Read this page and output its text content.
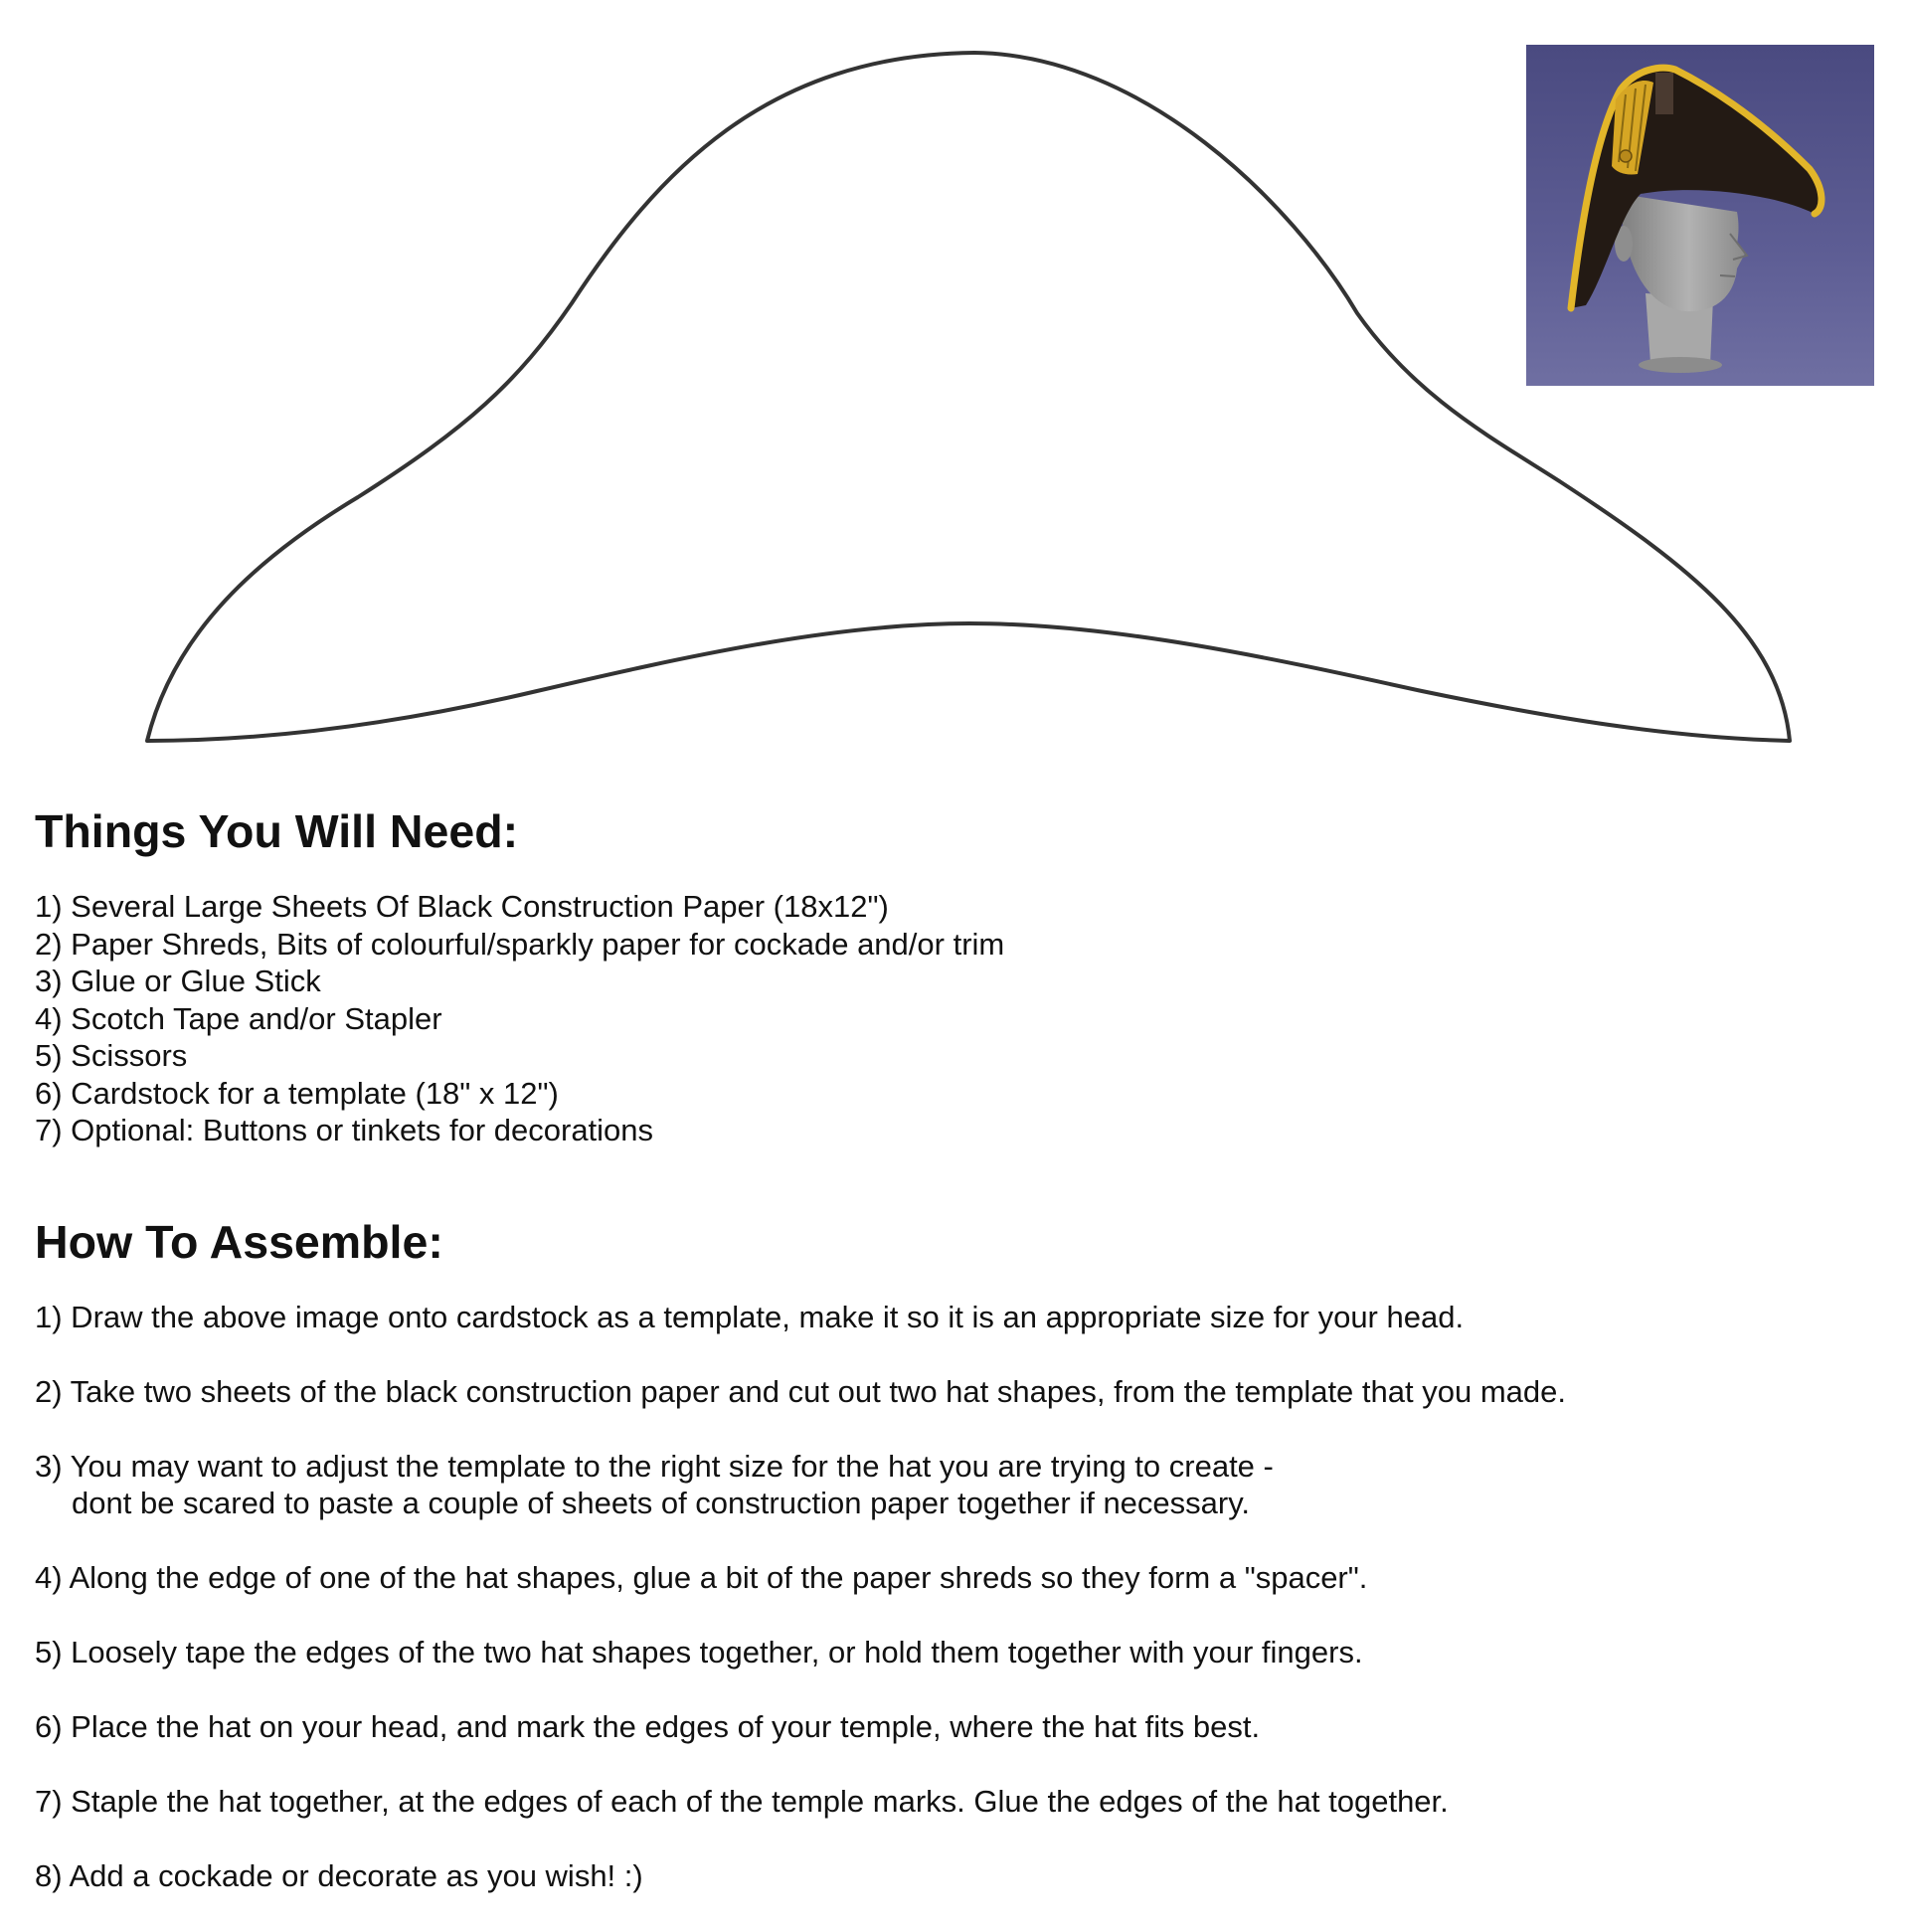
Things You Will Need:
1) Several Large Sheets Of Black Construction Paper (18x12")
2) Paper Shreds, Bits of colourful/sparkly paper for cockade and/or trim
3) Glue or Glue Stick
4) Scotch Tape and/or Stapler
5) Scissors
6) Cardstock for a template (18" x 12")
7) Optional: Buttons or tinkets for decorations
How To Assemble:
1) Draw the above image onto cardstock as a template, make it so it is an appropriate size for your head.
2) Take two sheets of the black construction paper and cut out two hat shapes, from the template that you made.
3) You may want to adjust the template to the right size for the hat you are trying to create -
dont be scared to paste a couple of sheets of construction paper together if necessary.
4) Along the edge of one of the hat shapes, glue a bit of the paper shreds so they form a "spacer".
5) Loosely tape the edges of the two hat shapes together, or hold them together with your fingers.
6) Place the hat on your head, and mark the edges of your temple, where the hat fits best.
7) Staple the hat together, at the edges of each of the temple marks. Glue the edges of the hat together.
8) Add a cockade or decorate as you wish! :)
